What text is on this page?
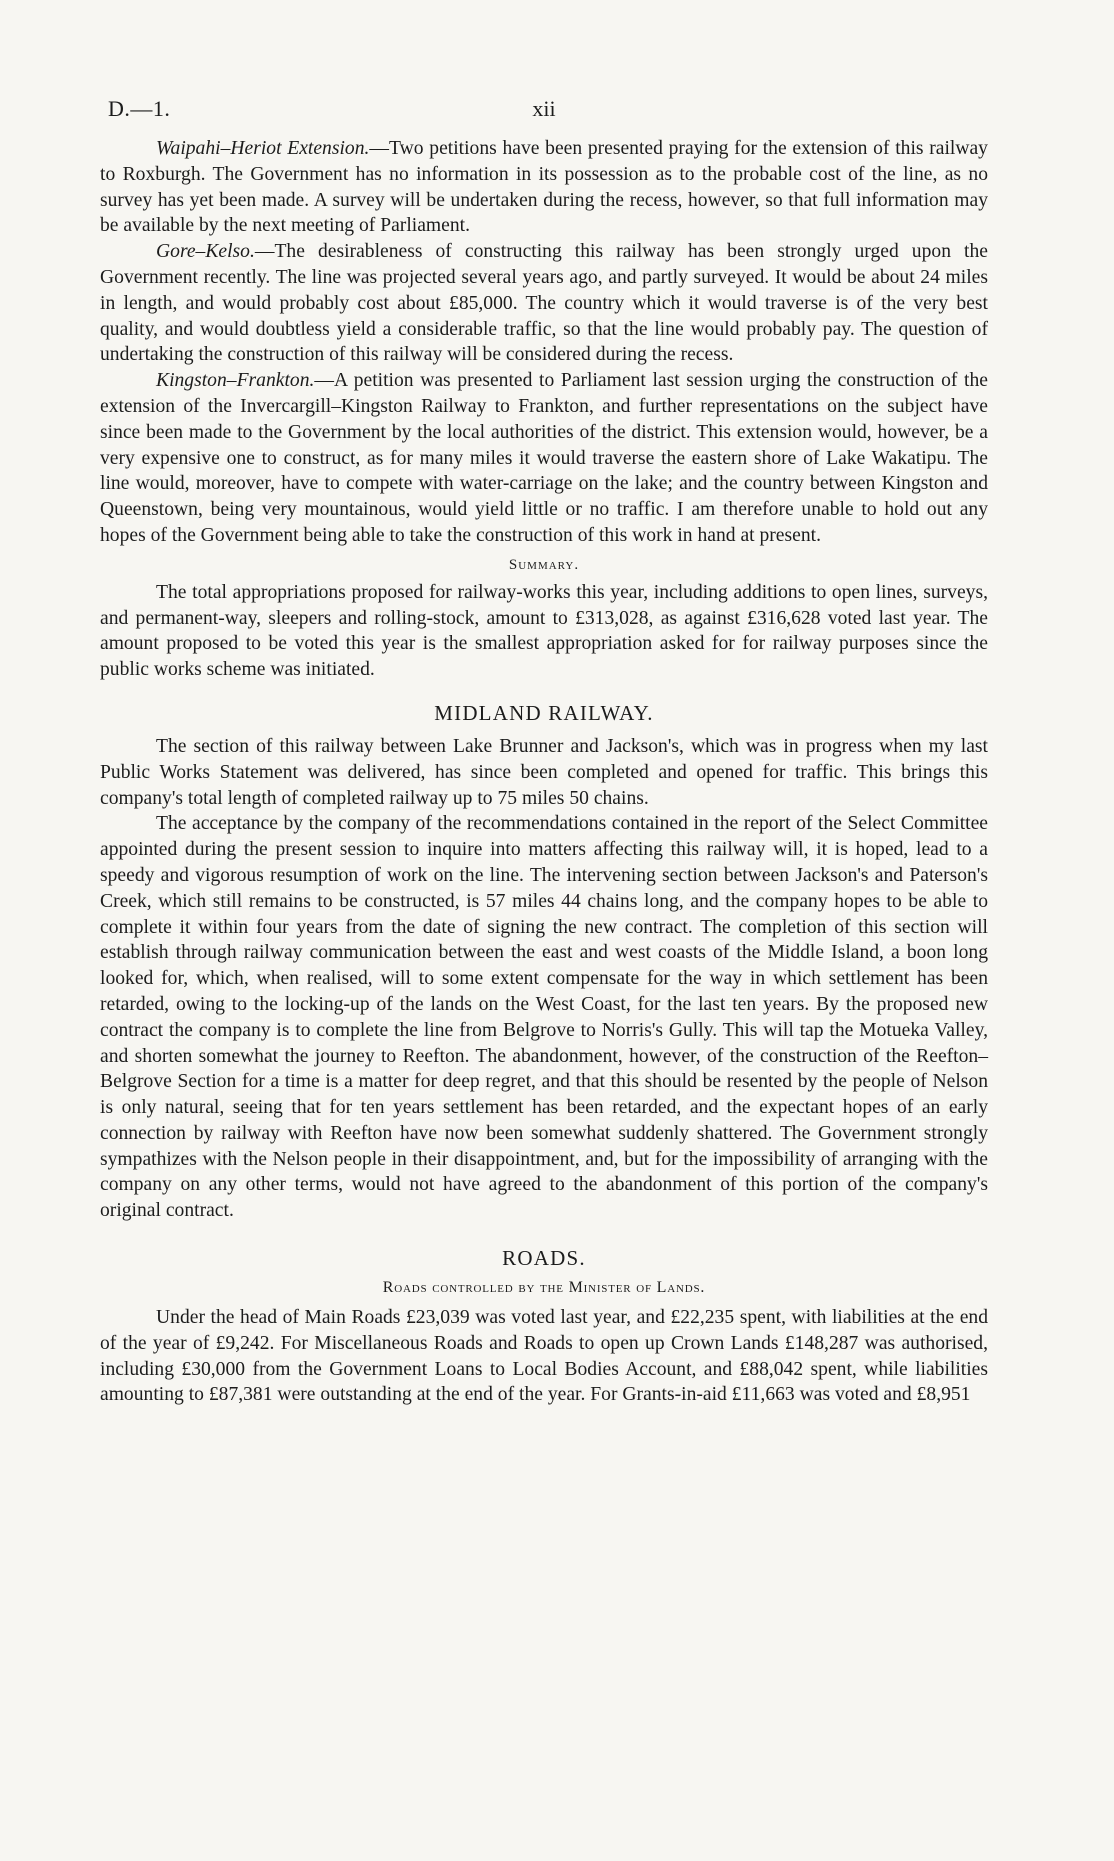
D.—1.	xii

Waipahi–Heriot Extension.—Two petitions have been presented praying for the extension of this railway to Roxburgh. The Government has no information in its possession as to the probable cost of the line, as no survey has yet been made. A survey will be undertaken during the recess, however, so that full information may be available by the next meeting of Parliament.

Gore–Kelso.—The desirableness of constructing this railway has been strongly urged upon the Government recently. The line was projected several years ago, and partly surveyed. It would be about 24 miles in length, and would probably cost about £85,000. The country which it would traverse is of the very best quality, and would doubtless yield a considerable traffic, so that the line would probably pay. The question of undertaking the construction of this railway will be considered during the recess.

Kingston–Frankton.—A petition was presented to Parliament last session urging the construction of the extension of the Invercargill–Kingston Railway to Frankton, and further representations on the subject have since been made to the Government by the local authorities of the district. This extension would, however, be a very expensive one to construct, as for many miles it would traverse the eastern shore of Lake Wakatipu. The line would, moreover, have to compete with water-carriage on the lake; and the country between Kingston and Queenstown, being very mountainous, would yield little or no traffic. I am therefore unable to hold out any hopes of the Government being able to take the construction of this work in hand at present.

Summary.

The total appropriations proposed for railway-works this year, including additions to open lines, surveys, and permanent-way, sleepers and rolling-stock, amount to £313,028, as against £316,628 voted last year. The amount proposed to be voted this year is the smallest appropriation asked for for railway purposes since the public works scheme was initiated.

MIDLAND RAILWAY.

The section of this railway between Lake Brunner and Jackson's, which was in progress when my last Public Works Statement was delivered, has since been completed and opened for traffic. This brings this company's total length of completed railway up to 75 miles 50 chains.

The acceptance by the company of the recommendations contained in the report of the Select Committee appointed during the present session to inquire into matters affecting this railway will, it is hoped, lead to a speedy and vigorous resumption of work on the line. The intervening section between Jackson's and Paterson's Creek, which still remains to be constructed, is 57 miles 44 chains long, and the company hopes to be able to complete it within four years from the date of signing the new contract. The completion of this section will establish through railway communication between the east and west coasts of the Middle Island, a boon long looked for, which, when realised, will to some extent compensate for the way in which settlement has been retarded, owing to the locking-up of the lands on the West Coast, for the last ten years. By the proposed new contract the company is to complete the line from Belgrove to Norris's Gully. This will tap the Motueka Valley, and shorten somewhat the journey to Reefton. The abandonment, however, of the construction of the Reefton–Belgrove Section for a time is a matter for deep regret, and that this should be resented by the people of Nelson is only natural, seeing that for ten years settlement has been retarded, and the expectant hopes of an early connection by railway with Reefton have now been somewhat suddenly shattered. The Government strongly sympathizes with the Nelson people in their disappointment, and, but for the impossibility of arranging with the company on any other terms, would not have agreed to the abandonment of this portion of the company's original contract.

ROADS.
Roads controlled by the Minister of Lands.

Under the head of Main Roads £23,039 was voted last year, and £22,235 spent, with liabilities at the end of the year of £9,242. For Miscellaneous Roads and Roads to open up Crown Lands £148,287 was authorised, including £30,000 from the Government Loans to Local Bodies Account, and £88,042 spent, while liabilities amounting to £87,381 were outstanding at the end of the year. For Grants-in-aid £11,663 was voted and £8,951
